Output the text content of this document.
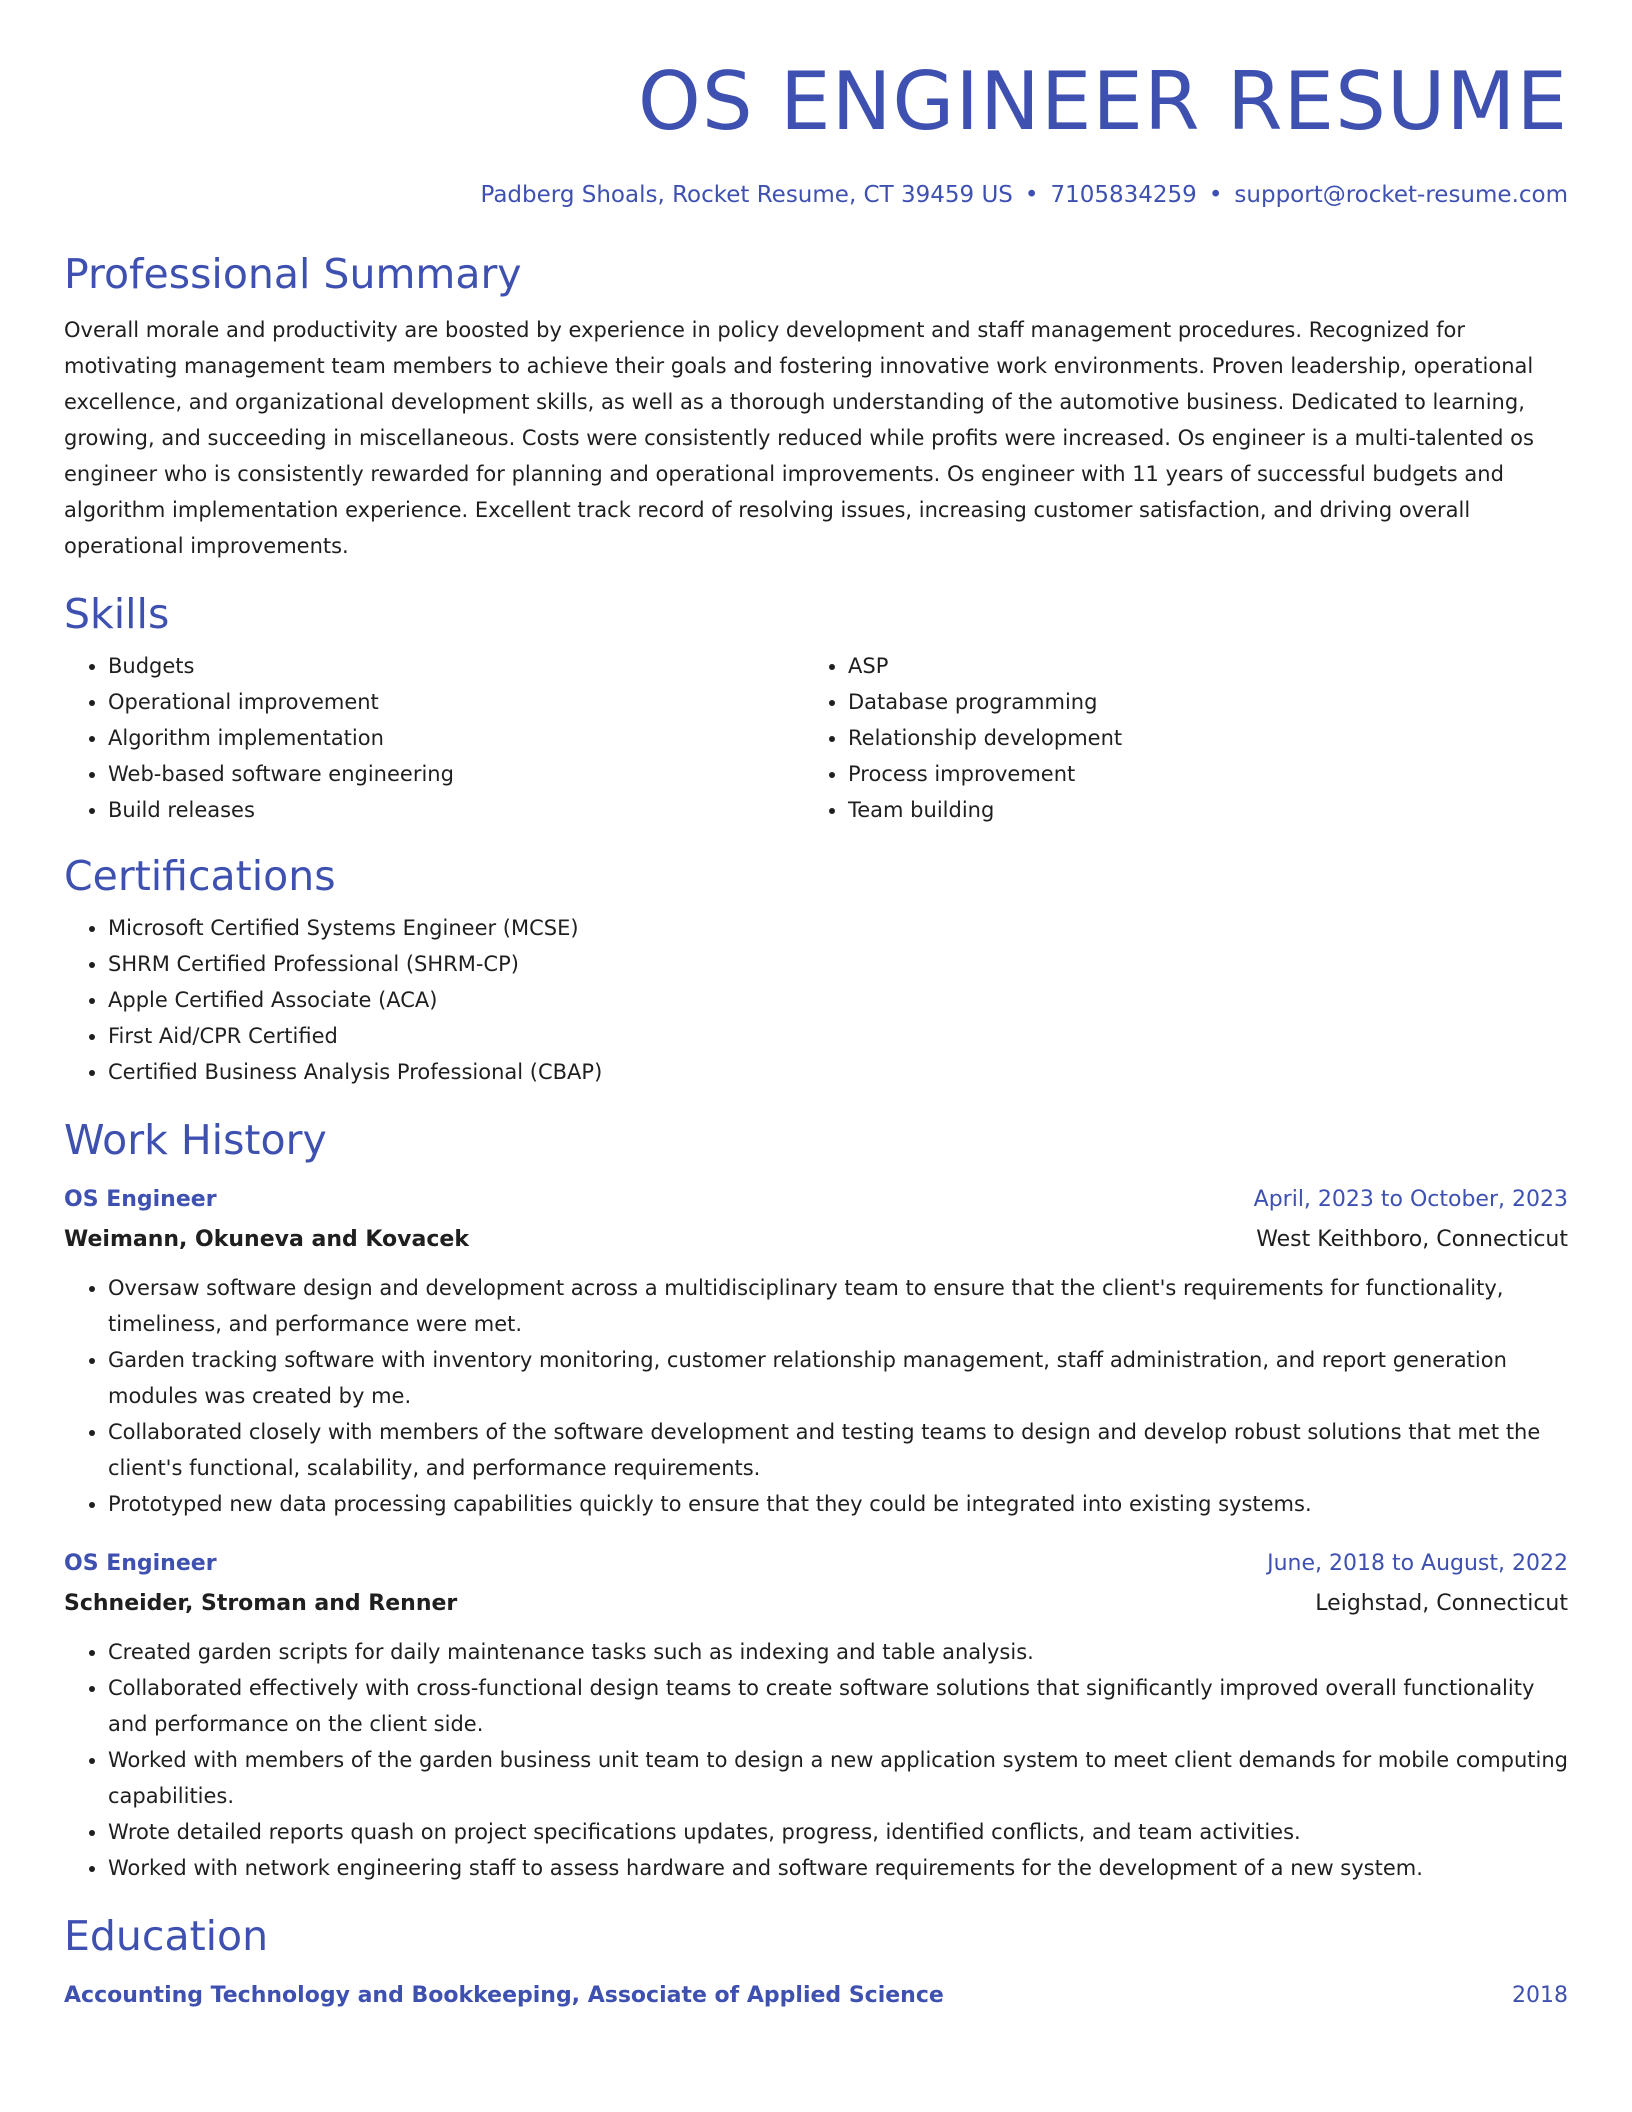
OS ENGINEER RESUME
Padberg Shoals, Rocket Resume, CT 39459 US • 7105834259 • support@rocket-resume.com
Professional Summary

Overall morale and productivity are boosted by experience in policy development and staff management procedures. Recognized for motivating management team members to achieve their goals and fostering innovative work environments. Proven leadership, operational excellence, and organizational development skills, as well as a thorough understanding of the automotive business. Dedicated to learning, growing, and succeeding in miscellaneous. Costs were consistently reduced while profits were increased. Os engineer is a multi-talented os engineer who is consistently rewarded for planning and operational improvements. Os engineer with 11 years of successful budgets and algorithm implementation experience. Excellent track record of resolving issues, increasing customer satisfaction, and driving overall operational improvements.

Skills
• Budgets
• Operational improvement
• Algorithm implementation
• Web-based software engineering
• Build releases
• ASP
• Database programming
• Relationship development
• Process improvement
• Team building
Certifications
• Microsoft Certified Systems Engineer (MCSE)
• SHRM Certified Professional (SHRM-CP)
• Apple Certified Associate (ACA)
• First Aid/CPR Certified
• Certified Business Analysis Professional (CBAP)
Work History
OS Engineer	April, 2023 to October, 2023
Weimann, Okuneva and Kovacek	West Keithboro, Connecticut
• Oversaw software design and development across a multidisciplinary team to ensure that the client's requirements for functionality, timeliness, and performance were met.
• Garden tracking software with inventory monitoring, customer relationship management, staff administration, and report generation modules was created by me.
• Collaborated closely with members of the software development and testing teams to design and develop robust solutions that met the client's functional, scalability, and performance requirements.
• Prototyped new data processing capabilities quickly to ensure that they could be integrated into existing systems.
OS Engineer	June, 2018 to August, 2022
Schneider, Stroman and Renner	Leighstad, Connecticut
• Created garden scripts for daily maintenance tasks such as indexing and table analysis.
• Collaborated effectively with cross-functional design teams to create software solutions that significantly improved overall functionality and performance on the client side.
• Worked with members of the garden business unit team to design a new application system to meet client demands for mobile computing capabilities.
• Wrote detailed reports quash on project specifications updates, progress, identified conflicts, and team activities.
• Worked with network engineering staff to assess hardware and software requirements for the development of a new system.
Education
Accounting Technology and Bookkeeping, Associate of Applied Science	2018
